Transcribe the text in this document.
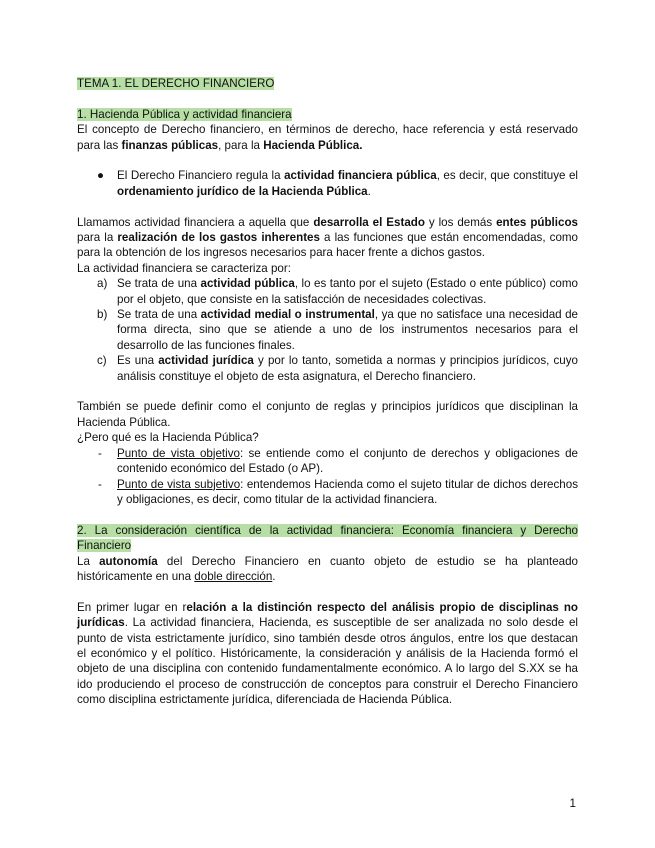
TEMA 1. EL DERECHO FINANCIERO
1. Hacienda Pública y actividad financiera

El concepto de Derecho financiero, en términos de derecho, hace referencia y está reservado para las finanzas públicas, para la Hacienda Pública.

● El Derecho Financiero regula la actividad financiera pública, es decir, que constituye el ordenamiento jurídico de la Hacienda Pública.

Llamamos actividad financiera a aquella que desarrolla el Estado y los demás entes públicos para la realización de los gastos inherentes a las funciones que están encomendadas, como para la obtención de los ingresos necesarios para hacer frente a dichos gastos.

La actividad financiera se caracteriza por:

a) Se trata de una actividad pública, lo es tanto por el sujeto (Estado o ente público) como por el objeto, que consiste en la satisfacción de necesidades colectivas.
b) Se trata de una actividad medial o instrumental, ya que no satisface una necesidad de forma directa, sino que se atiende a uno de los instrumentos necesarios para el desarrollo de las funciones finales.
c) Es una actividad jurídica y por lo tanto, sometida a normas y principios jurídicos, cuyo análisis constituye el objeto de esta asignatura, el Derecho financiero.

También se puede definir como el conjunto de reglas y principios jurídicos que disciplinan la Hacienda Pública.

¿Pero qué es la Hacienda Pública?

- Punto de vista objetivo: se entiende como el conjunto de derechos y obligaciones de contenido económico del Estado (o AP).
- Punto de vista subjetivo: entendemos Hacienda como el sujeto titular de dichos derechos y obligaciones, es decir, como titular de la actividad financiera.

2. La consideración científica de la actividad financiera: Economía financiera y Derecho Financiero

La autonomía del Derecho Financiero en cuanto objeto de estudio se ha planteado históricamente en una doble dirección.

En primer lugar en relación a la distinción respecto del análisis propio de disciplinas no jurídicas. La actividad financiera, Hacienda, es susceptible de ser analizada no solo desde el punto de vista estrictamente jurídico, sino también desde otros ángulos, entre los que destacan el económico y el político. Históricamente, la consideración y análisis de la Hacienda formó el objeto de una disciplina con contenido fundamentalmente económico. A lo largo del S.XX se ha ido produciendo el proceso de construcción de conceptos para construir el Derecho Financiero como disciplina estrictamente jurídica, diferenciada de Hacienda Pública.

1
